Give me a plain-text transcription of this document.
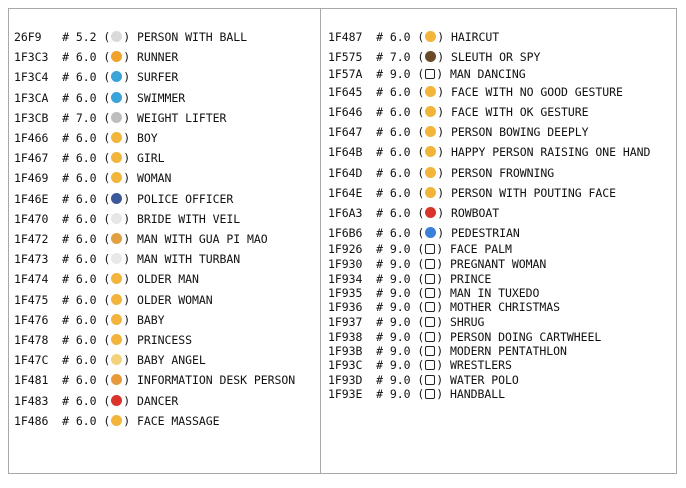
26F9   # 5.2 ( ) PERSON WITH BALL
1F3C3  # 6.0 ( ) RUNNER
1F3C4  # 6.0 ( ) SURFER
1F3CA  # 6.0 ( ) SWIMMER
1F3CB  # 7.0 ( ) WEIGHT LIFTER
1F466  # 6.0 ( ) BOY
1F467  # 6.0 ( ) GIRL
1F469  # 6.0 ( ) WOMAN
1F46E  # 6.0 ( ) POLICE OFFICER
1F470  # 6.0 ( ) BRIDE WITH VEIL
1F472  # 6.0 ( ) MAN WITH GUA PI MAO
1F473  # 6.0 ( ) MAN WITH TURBAN
1F474  # 6.0 ( ) OLDER MAN
1F475  # 6.0 ( ) OLDER WOMAN
1F476  # 6.0 ( ) BABY
1F478  # 6.0 ( ) PRINCESS
1F47C  # 6.0 ( ) BABY ANGEL
1F481  # 6.0 ( ) INFORMATION DESK PERSON
1F483  # 6.0 ( ) DANCER
1F486  # 6.0 ( ) FACE MASSAGE
1F487  # 6.0 ( ) HAIRCUT
1F575  # 7.0 ( ) SLEUTH OR SPY
1F57A  # 9.0 ( ) MAN DANCING
1F645  # 6.0 ( ) FACE WITH NO GOOD GESTURE
1F646  # 6.0 ( ) FACE WITH OK GESTURE
1F647  # 6.0 ( ) PERSON BOWING DEEPLY
1F64B  # 6.0 ( ) HAPPY PERSON RAISING ONE HAND
1F64D  # 6.0 ( ) PERSON FROWNING
1F64E  # 6.0 ( ) PERSON WITH POUTING FACE
1F6A3  # 6.0 ( ) ROWBOAT
1F6B6  # 6.0 ( ) PEDESTRIAN
1F926  # 9.0 ( ) FACE PALM
1F930  # 9.0 ( ) PREGNANT WOMAN
1F934  # 9.0 ( ) PRINCE
1F935  # 9.0 ( ) MAN IN TUXEDO
1F936  # 9.0 ( ) MOTHER CHRISTMAS
1F937  # 9.0 ( ) SHRUG
1F938  # 9.0 ( ) PERSON DOING CARTWHEEL
1F93B  # 9.0 ( ) MODERN PENTATHLON
1F93C  # 9.0 ( ) WRESTLERS
1F93D  # 9.0 ( ) WATER POLO
1F93E  # 9.0 ( ) HANDBALL
